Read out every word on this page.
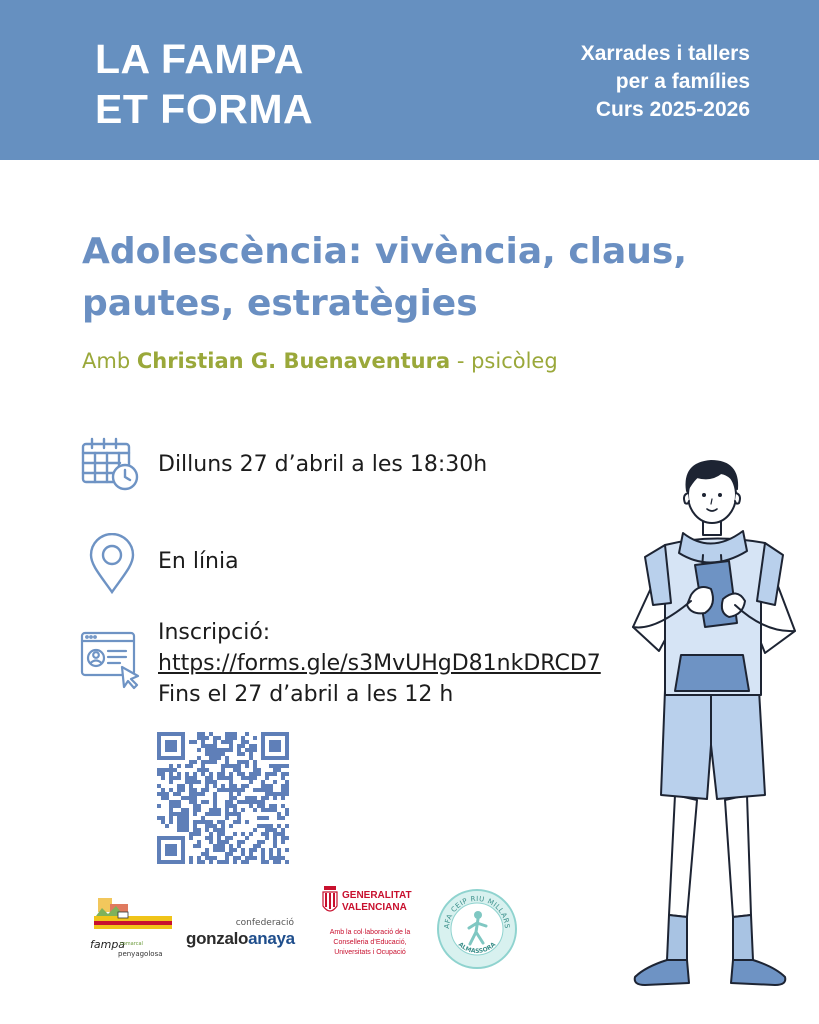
LA FAMPA
ET FORMA
Xarrades i tallers
per a famílies
Curs 2025-2026
Adolescència: vivència, claus,
pautes, estratègies
Amb Christian G. Buenaventura - psicòleg
Dilluns 27 d’abril a les 18:30h
En línia
Inscripció:
https://forms.gle/s3MvUHgD81nkDRCD7
Fins el 27 d’abril a les 12 h
fampa
comarcal
penyagolosa
confederació
gonzaloanaya
GENERALITAT
VALENCIANA
Amb la col·laboració de la
Conselleria d’Educació,
Universitats i Ocupació
AFA CEIP RIU MILLARS
ALMASSORA
